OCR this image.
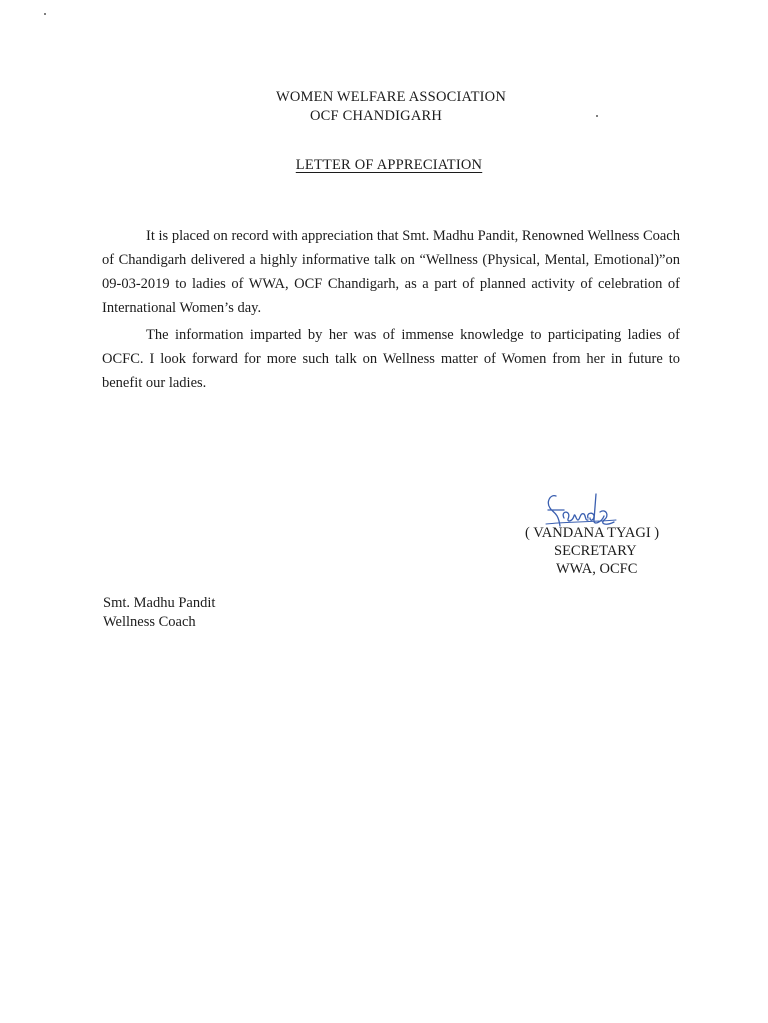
WOMEN WELFARE ASSOCIATION
OCF CHANDIGARH
LETTER OF APPRECIATION

It is placed on record with appreciation that Smt. Madhu Pandit, Renowned Wellness Coach of Chandigarh delivered a highly informative talk on “Wellness (Physical, Mental, Emotional)”on 09-03-2019 to ladies of WWA, OCF Chandigarh, as a part of planned activity of celebration of International Women’s day.

The information imparted by her was of immense knowledge to participating ladies of OCFC. I look forward for more such talk on Wellness matter of Women from her in future to benefit our ladies.

( VANDANA TYAGI )
SECRETARY
WWA, OCFC
Smt. Madhu Pandit
Wellness Coach
